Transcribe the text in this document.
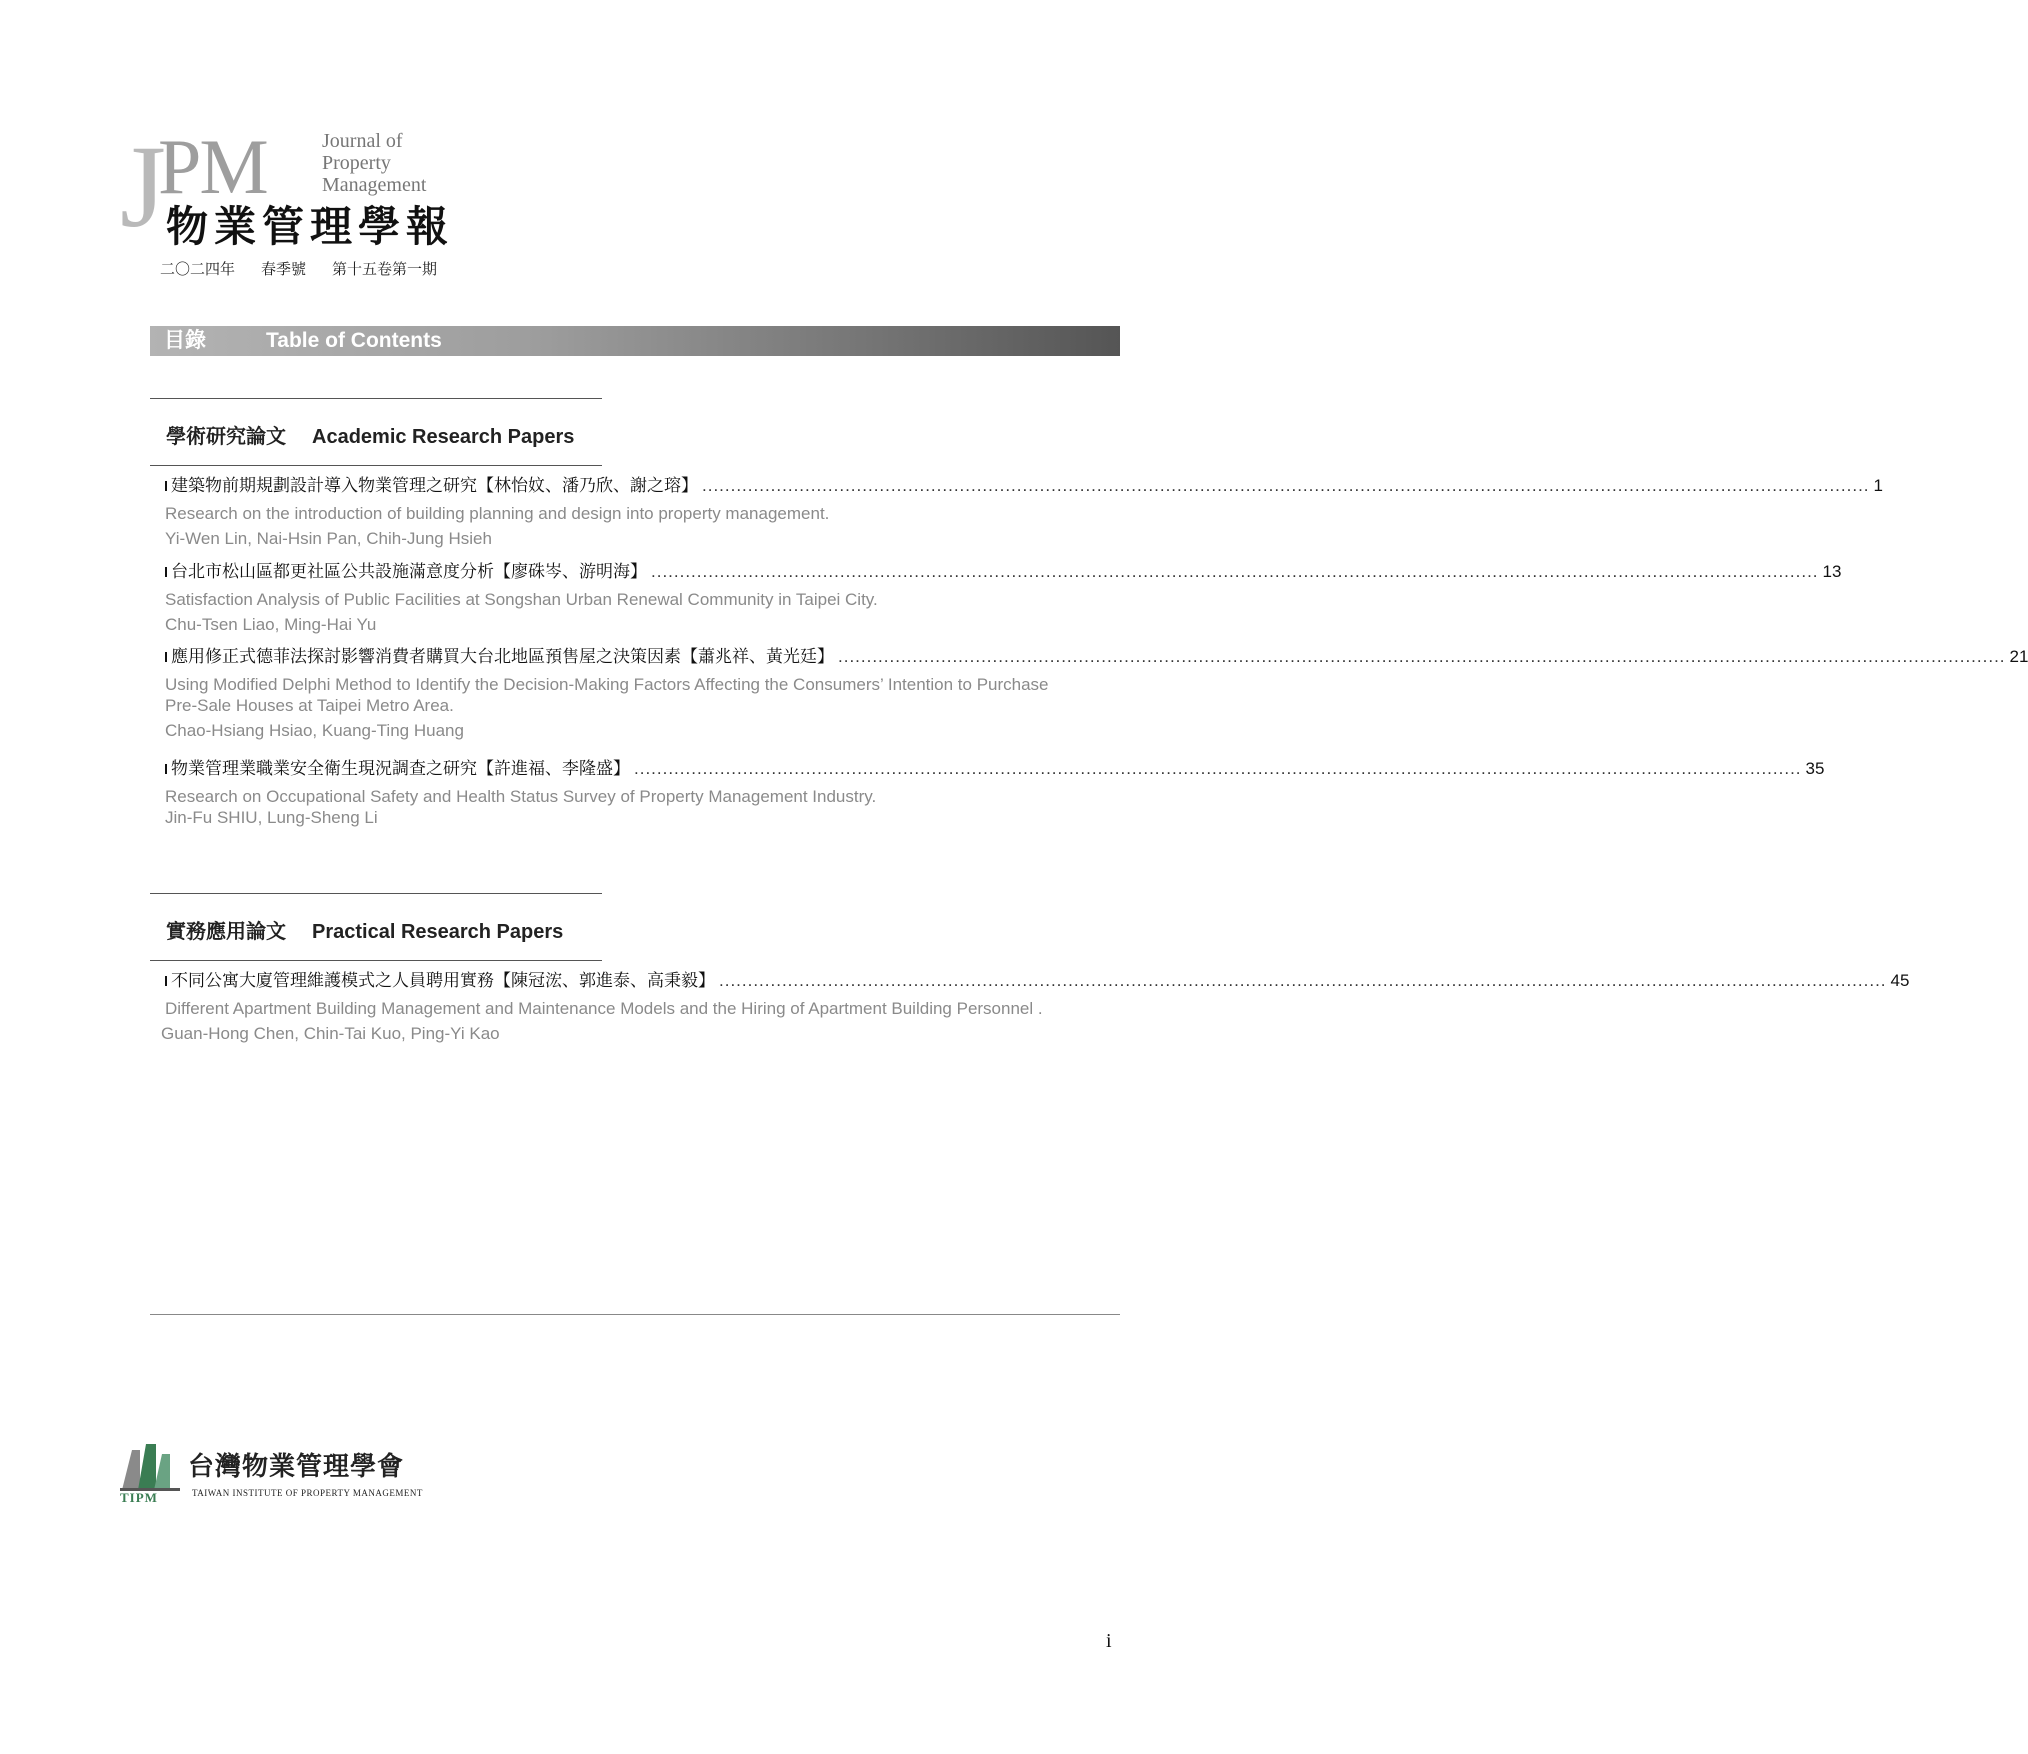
J
PM	Journal of
Property
Management
物業管理學報
二〇二四年 春季號 第十五卷第一期
目錄	Table of Contents
學術研究論文 Academic Research Papers
建築物前期規劃設計導入物業管理之研究【林怡妏、潘乃欣、謝之瑢】 ............................................................................................................................................................................................................ 1
Research on the introduction of building planning and design into property management.
Yi-Wen Lin, Nai-Hsin Pan, Chih-Jung Hsieh
台北市松山區都更社區公共設施滿意度分析【廖硃岑、游明海】 ............................................................................................................................................................................................................ 13
Satisfaction Analysis of Public Facilities at Songshan Urban Renewal Community in Taipei City.
Chu-Tsen Liao, Ming-Hai Yu
應用修正式德菲法探討影響消費者購買大台北地區預售屋之決策因素【蕭兆祥、黃光廷】 ............................................................................................................................................................................................................ 21
Using Modified Delphi Method to Identify the Decision-Making Factors Affecting the Consumers’ Intention to Purchase Pre-Sale Houses at Taipei Metro Area.
Chao-Hsiang Hsiao, Kuang-Ting Huang
物業管理業職業安全衛生現況調查之研究【許進福、李隆盛】 ............................................................................................................................................................................................................ 35
Research on Occupational Safety and Health Status Survey of Property Management Industry.
Jin-Fu SHIU, Lung-Sheng Li
實務應用論文 Practical Research Papers
不同公寓大廈管理維護模式之人員聘用實務【陳冠浤、郭進泰、高秉毅】 ............................................................................................................................................................................................................ 45
Different Apartment Building Management and Maintenance Models and the Hiring of Apartment Building Personnel .
Guan-Hong Chen, Chin-Tai Kuo, Ping-Yi Kao
TIPM
台灣物業管理學會
TAIWAN INSTITUTE OF PROPERTY MANAGEMENT
i
